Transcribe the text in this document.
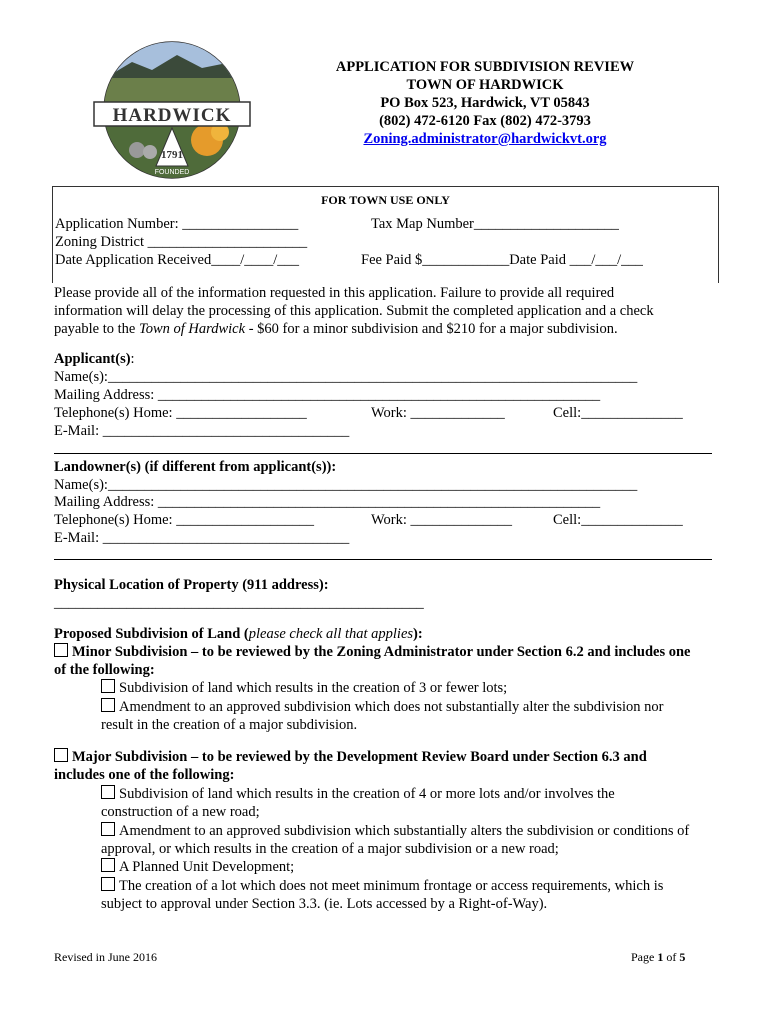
HARDWICK
1791
FOUNDED
APPLICATION FOR SUBDIVISION REVIEW
TOWN OF HARDWICK
PO Box 523, Hardwick, VT 05843
(802) 472-6120 Fax (802) 472-3793
Zoning.administrator@hardwickvt.org
FOR TOWN USE ONLY
Application Number: ________________	Tax Map Number____________________
Zoning District ______________________
Date Application Received____/____/___	Fee Paid $____________Date Paid ___/___/___
Please provide all of the information requested in this application. Failure to provide all required
information will delay the processing of this application. Submit the completed application and a check
payable to the Town of Hardwick - $60 for a minor subdivision and $210 for a major subdivision.
Applicant(s):
Name(s):_________________________________________________________________________
Mailing Address: _____________________________________________________________
Telephone(s) Home: __________________	Work: _____________	Cell:______________
E-Mail: __________________________________
Landowner(s) (if different from applicant(s)):
Name(s):_________________________________________________________________________
Mailing Address: _____________________________________________________________
Telephone(s) Home: ___________________	Work: ______________	Cell:______________
E-Mail: __________________________________
Physical Location of Property (911 address):
___________________________________________________
Proposed Subdivision of Land (please check all that applies):
Minor Subdivision – to be reviewed by the Zoning Administrator under Section 6.2 and includes one
of the following:
Subdivision of land which results in the creation of 3 or fewer lots;
Amendment to an approved subdivision which does not substantially alter the subdivision nor
result in the creation of a major subdivision.
Major Subdivision – to be reviewed by the Development Review Board under Section 6.3 and
includes one of the following:
Subdivision of land which results in the creation of 4 or more lots and/or involves the
construction of a new road;
Amendment to an approved subdivision which substantially alters the subdivision or conditions of
approval, or which results in the creation of a major subdivision or a new road;
A Planned Unit Development;
The creation of a lot which does not meet minimum frontage or access requirements, which is
subject to approval under Section 3.3. (ie. Lots accessed by a Right-of-Way).
Revised in June 2016	Page 1 of 5
